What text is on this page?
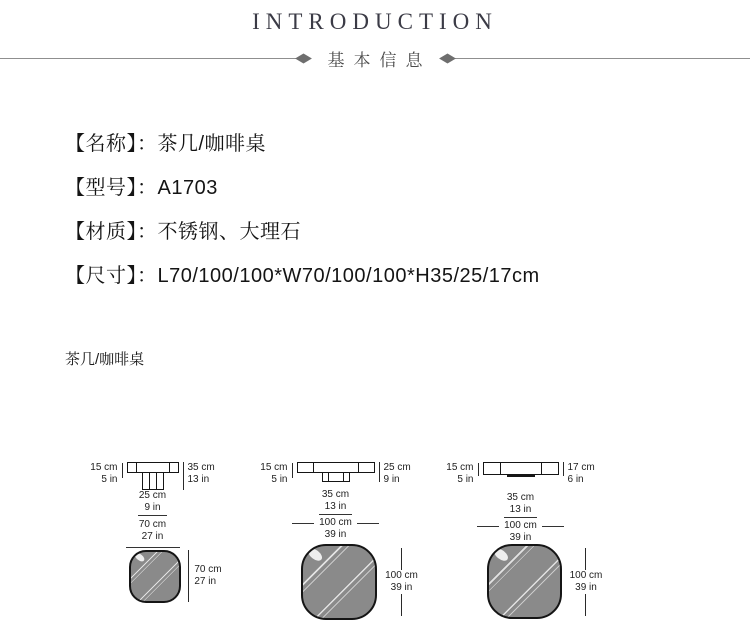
INTRODUCTION
基本信息
【名称】：茶几/咖啡桌
【型号】：A1703
【材质】：不锈钢、大理石
【尺寸】：L70/100/100*W70/100/100*H35/25/17cm
茶几/咖啡桌
15 cm
5 in
35 cm
13 in
25 cm
9 in
70 cm
27 in
70 cm
27 in
15 cm
5 in
25 cm
9 in
35 cm
13 in
100 cm
39 in
100 cm
39 in
15 cm
5 in
17 cm
6 in
35 cm
13 in
100 cm
39 in
100 cm
39 in
